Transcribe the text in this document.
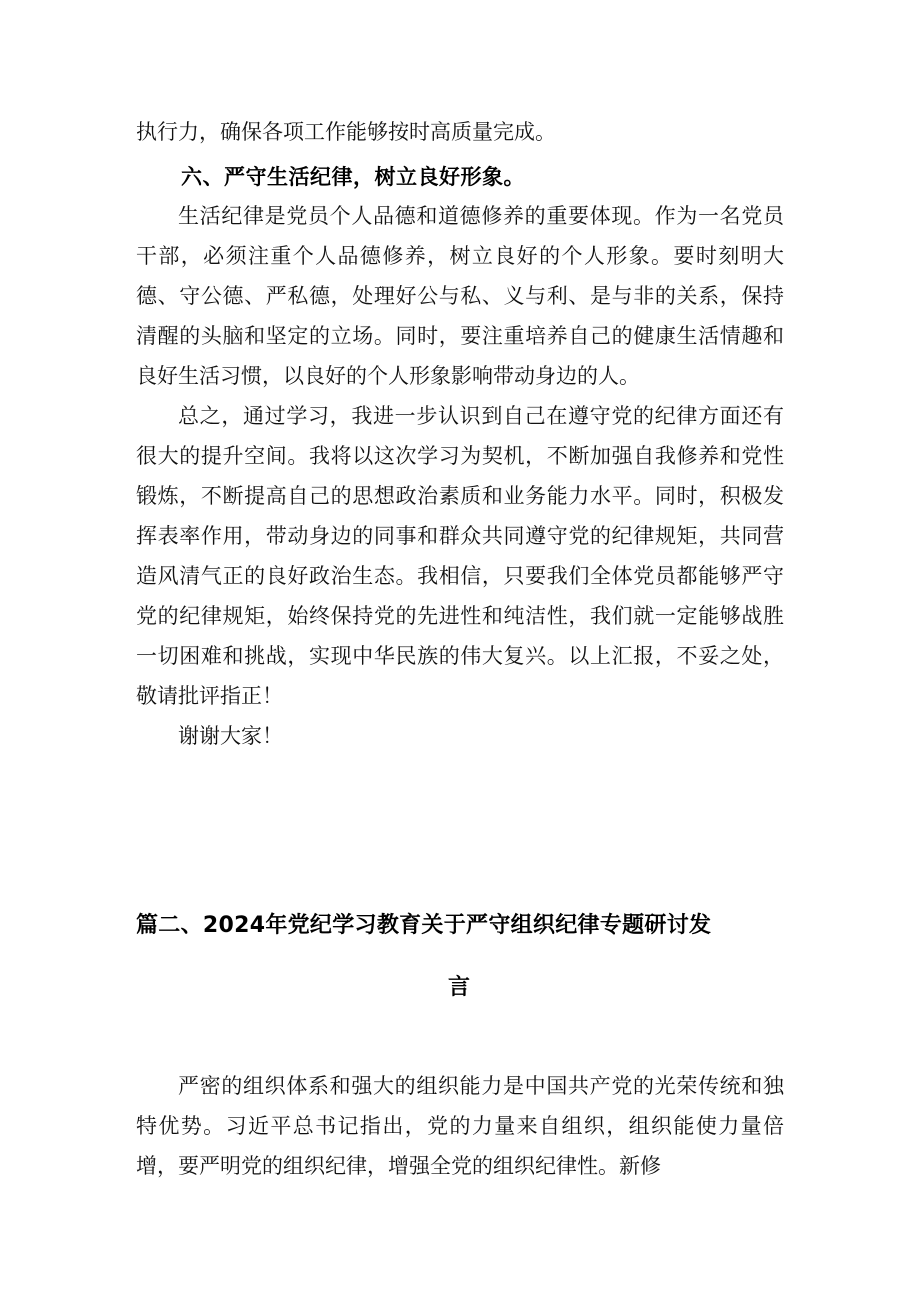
执行力，确保各项工作能够按时高质量完成。

六、严守生活纪律，树立良好形象。

生活纪律是党员个人品德和道德修养的重要体现。作为一名党员干部，必须注重个人品德修养，树立良好的个人形象。要时刻明大德、守公德、严私德，处理好公与私、义与利、是与非的关系，保持清醒的头脑和坚定的立场。同时，要注重培养自己的健康生活情趣和良好生活习惯，以良好的个人形象影响带动身边的人。

总之，通过学习，我进一步认识到自己在遵守党的纪律方面还有很大的提升空间。我将以这次学习为契机，不断加强自我修养和党性锻炼，不断提高自己的思想政治素质和业务能力水平。同时，积极发挥表率作用，带动身边的同事和群众共同遵守党的纪律规矩，共同营造风清气正的良好政治生态。我相信，只要我们全体党员都能够严守党的纪律规矩，始终保持党的先进性和纯洁性，我们就一定能够战胜一切困难和挑战，实现中华民族的伟大复兴。以上汇报，不妥之处，敬请批评指正！

谢谢大家！

篇二、2024年党纪学习教育关于严守组织纪律专题研讨发
言

严密的组织体系和强大的组织能力是中国共产党的光荣传统和独特优势。习近平总书记指出，党的力量来自组织，组织能使力量倍增，要严明党的组织纪律，增强全党的组织纪律性。新修
